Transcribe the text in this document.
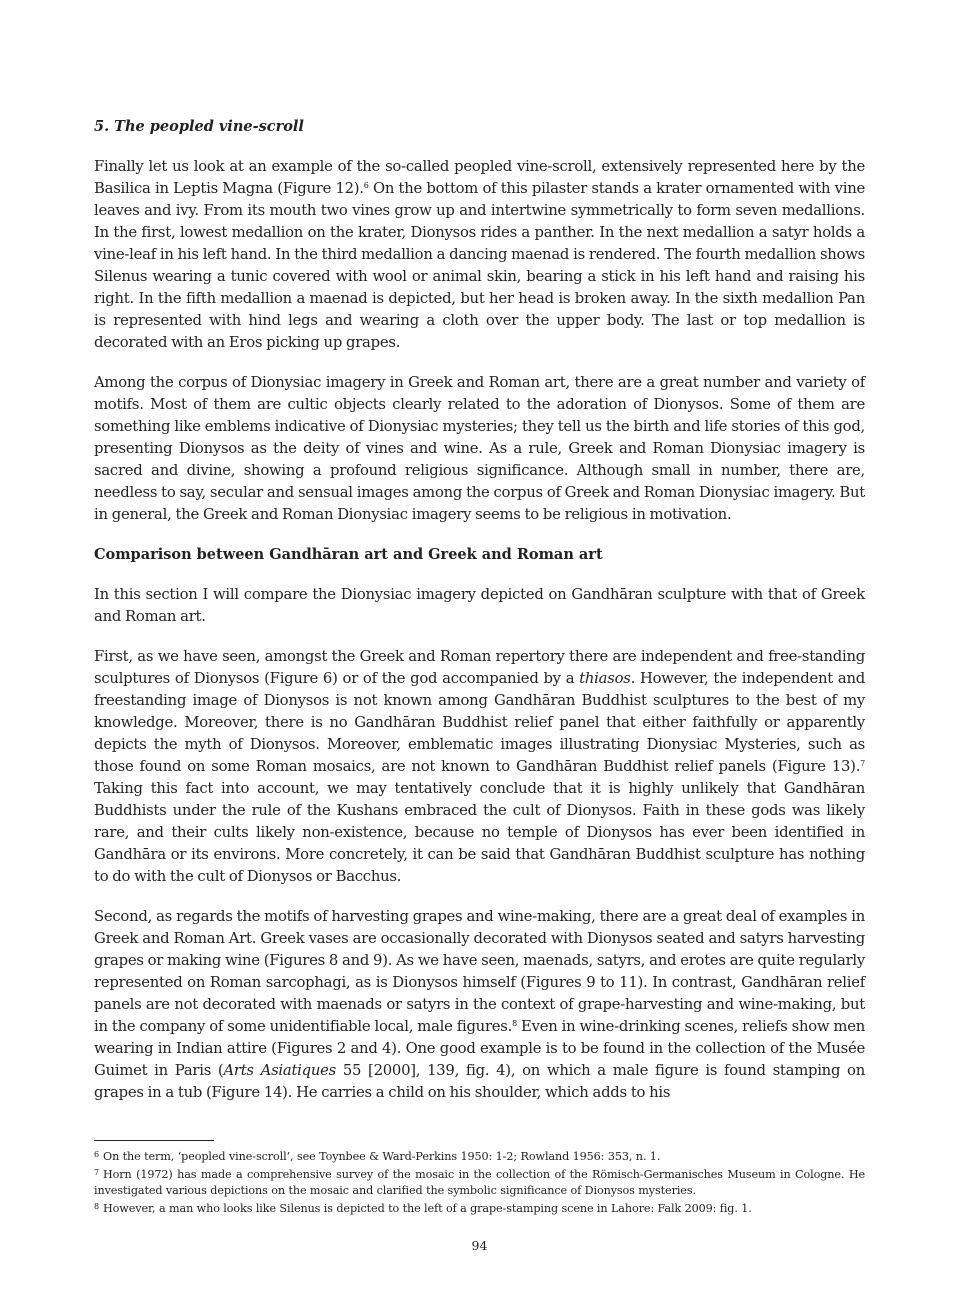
5. The peopled vine-scroll

Finally let us look at an example of the so-called peopled vine-scroll, extensively represented here by the Basilica in Leptis Magna (Figure 12).$^6$ On the bottom of this pilaster stands a krater ornamented with vine leaves and ivy. From its mouth two vines grow up and intertwine symmetrically to form seven medallions. In the first, lowest medallion on the krater, Dionysos rides a panther. In the next medallion a satyr holds a vine-leaf in his left hand. In the third medallion a dancing maenad is rendered. The fourth medallion shows Silenus wearing a tunic covered with wool or animal skin, bearing a stick in his left hand and raising his right. In the fifth medallion a maenad is depicted, but her head is broken away. In the sixth medallion Pan is represented with hind legs and wearing a cloth over the upper body. The last or top medallion is decorated with an Eros picking up grapes.

Among the corpus of Dionysiac imagery in Greek and Roman art, there are a great number and variety of motifs. Most of them are cultic objects clearly related to the adoration of Dionysos. Some of them are something like emblems indicative of Dionysiac mysteries; they tell us the birth and life stories of this god, presenting Dionysos as the deity of vines and wine. As a rule, Greek and Roman Dionysiac imagery is sacred and divine, showing a profound religious significance. Although small in number, there are, needless to say, secular and sensual images among the corpus of Greek and Roman Dionysiac imagery. But in general, the Greek and Roman Dionysiac imagery seems to be religious in motivation.

Comparison between Gandhāran art and Greek and Roman art

In this section I will compare the Dionysiac imagery depicted on Gandhāran sculpture with that of Greek and Roman art.

First, as we have seen, amongst the Greek and Roman repertory there are independent and free-standing sculptures of Dionysos (Figure 6) or of the god accompanied by a thiasos. However, the independent and freestanding image of Dionysos is not known among Gandhāran Buddhist sculptures to the best of my knowledge. Moreover, there is no Gandhāran Buddhist relief panel that either faithfully or apparently depicts the myth of Dionysos. Moreover, emblematic images illustrating Dionysiac Mysteries, such as those found on some Roman mosaics, are not known to Gandhāran Buddhist relief panels (Figure 13).$^7$ Taking this fact into account, we may tentatively conclude that it is highly unlikely that Gandhāran Buddhists under the rule of the Kushans embraced the cult of Dionysos. Faith in these gods was likely rare, and their cults likely non-existence, because no temple of Dionysos has ever been identified in Gandhāra or its environs. More concretely, it can be said that Gandhāran Buddhist sculpture has nothing to do with the cult of Dionysos or Bacchus.

Second, as regards the motifs of harvesting grapes and wine-making, there are a great deal of examples in Greek and Roman Art. Greek vases are occasionally decorated with Dionysos seated and satyrs harvesting grapes or making wine (Figures 8 and 9). As we have seen, maenads, satyrs, and erotes are quite regularly represented on Roman sarcophagi, as is Dionysos himself (Figures 9 to 11). In contrast, Gandhāran relief panels are not decorated with maenads or satyrs in the context of grape-harvesting and wine-making, but in the company of some unidentifiable local, male figures.$^8$ Even in wine-drinking scenes, reliefs show men wearing in Indian attire (Figures 2 and 4). One good example is to be found in the collection of the Musée Guimet in Paris (Arts Asiatiques 55 [2000], 139, fig. 4), on which a male figure is found stamping on grapes in a tub (Figure 14). He carries a child on his shoulder, which adds to his

$^6$ On the term, ‘peopled vine-scroll’, see Toynbee & Ward-Perkins 1950: 1-2; Rowland 1956: 353, n. 1.
$^7$ Horn (1972) has made a comprehensive survey of the mosaic in the collection of the Römisch-Germanisches Museum in Cologne. He investigated various depictions on the mosaic and clarified the symbolic significance of Dionysos mysteries.
$^8$ However, a man who looks like Silenus is depicted to the left of a grape-stamping scene in Lahore: Falk 2009: fig. 1.
94
